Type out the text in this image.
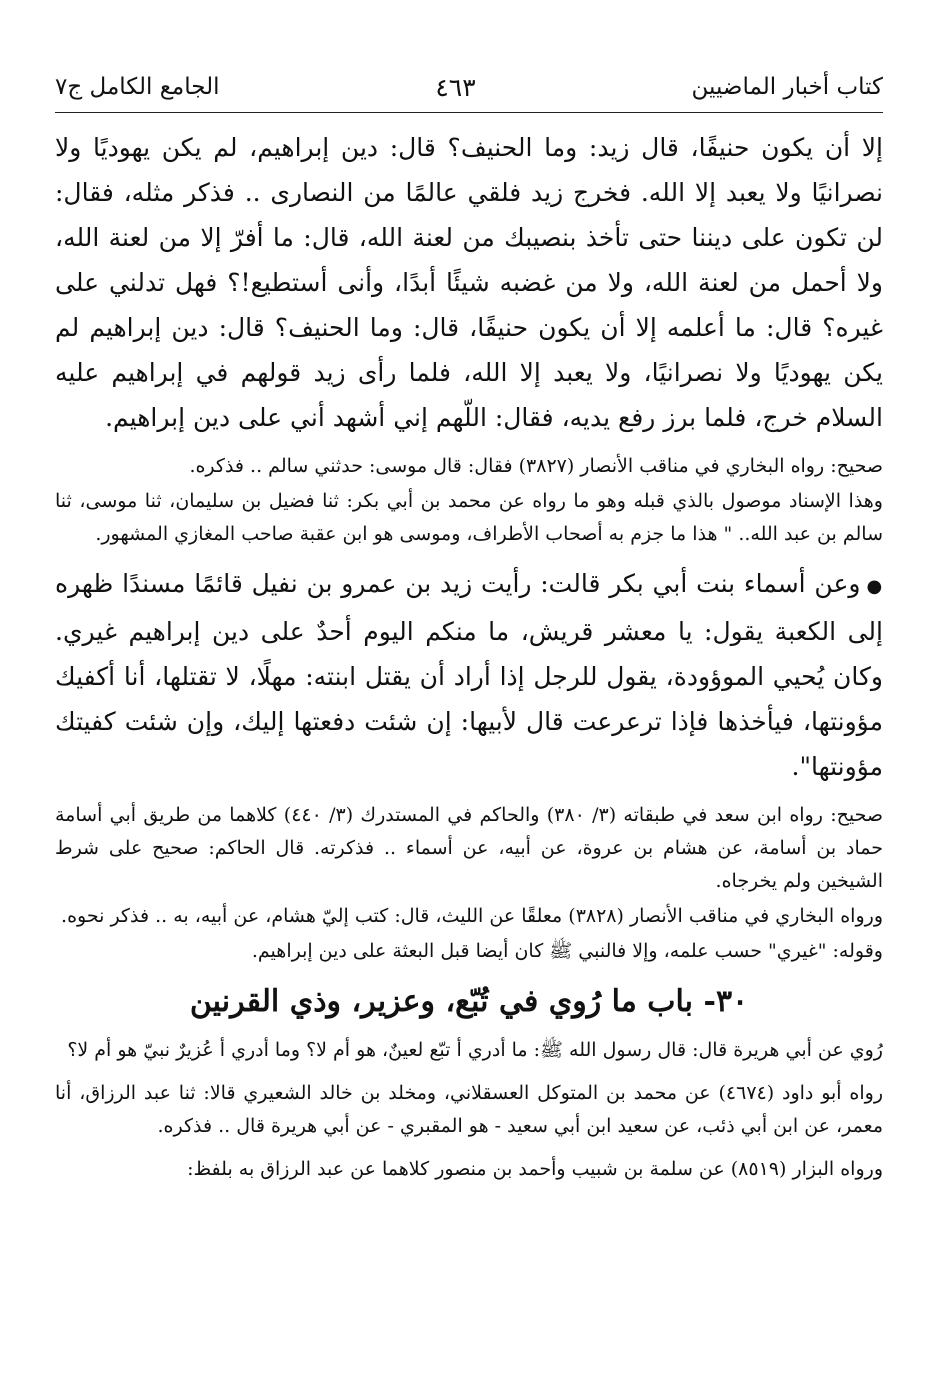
كتاب أخبار الماضيين
٤٦٣
الجامع الكامل ج٧

إلا أن يكون حنيفًا، قال زيد: وما الحنيف؟ قال: دين إبراهيم، لم يكن يهوديًا ولا نصرانيًا ولا يعبد إلا الله. فخرج زيد فلقي عالمًا من النصارى .. فذكر مثله، فقال: لن تكون على ديننا حتى تأخذ بنصيبك من لعنة الله، قال: ما أفرّ إلا من لعنة الله، ولا أحمل من لعنة الله، ولا من غضبه شيئًا أبدًا، وأنى أستطيع!؟ فهل تدلني على غيره؟ قال: ما أعلمه إلا أن يكون حنيفًا، قال: وما الحنيف؟ قال: دين إبراهيم لم يكن يهوديًا ولا نصرانيًا، ولا يعبد إلا الله، فلما رأى زيد قولهم في إبراهيم عليه السلام خرج، فلما برز رفع يديه، فقال: اللّهم إني أشهد أني على دين إبراهيم.

صحيح: رواه البخاري في مناقب الأنصار (٣٨٢٧) فقال: قال موسى: حدثني سالم .. فذكره.

وهذا الإسناد موصول بالذي قبله وهو ما رواه عن محمد بن أبي بكر: ثنا فضيل بن سليمان، ثنا موسى، ثنا سالم بن عبد الله.. " هذا ما جزم به أصحاب الأطراف، وموسى هو ابن عقبة صاحب المغازي المشهور.

●وعن أسماء بنت أبي بكر قالت: رأيت زيد بن عمرو بن نفيل قائمًا مسندًا ظهره إلى الكعبة يقول: يا معشر قريش، ما منكم اليوم أحدٌ على دين إبراهيم غيري. وكان يُحيي الموؤودة، يقول للرجل إذا أراد أن يقتل ابنته: مهلًا، لا تقتلها، أنا أكفيك مؤونتها، فيأخذها فإذا ترعرعت قال لأبيها: إن شئت دفعتها إليك، وإن شئت كفيتك مؤونتها".

صحيح: رواه ابن سعد في طبقاته (٣/ ٣٨٠) والحاكم في المستدرك (٣/ ٤٤٠) كلاهما من طريق أبي أسامة حماد بن أسامة، عن هشام بن عروة، عن أبيه، عن أسماء .. فذكرته. قال الحاكم: صحيح على شرط الشيخين ولم يخرجاه.

ورواه البخاري في مناقب الأنصار (٣٨٢٨) معلقًا عن الليث، قال: كتب إليّ هشام، عن أبيه، به .. فذكر نحوه.

وقوله: "غيري" حسب علمه، وإلا فالنبي ﷺ كان أيضا قبل البعثة على دين إبراهيم.

٣٠- باب ما رُوي في تُبّع، وعزير، وذي القرنين

رُوي عن أبي هريرة قال: قال رسول الله ﷺ: ما أدري أ تبّع لعينٌ، هو أم لا؟ وما أدري أ عُزيرٌ نبيّ هو أم لا؟

رواه أبو داود (٤٦٧٤) عن محمد بن المتوكل العسقلاني، ومخلد بن خالد الشعيري قالا: ثنا عبد الرزاق، أنا معمر، عن ابن أبي ذئب، عن سعيد ابن أبي سعيد - هو المقبري - عن أبي هريرة قال .. فذكره.

ورواه البزار (٨٥١٩) عن سلمة بن شبيب وأحمد بن منصور كلاهما عن عبد الرزاق به بلفظ:
